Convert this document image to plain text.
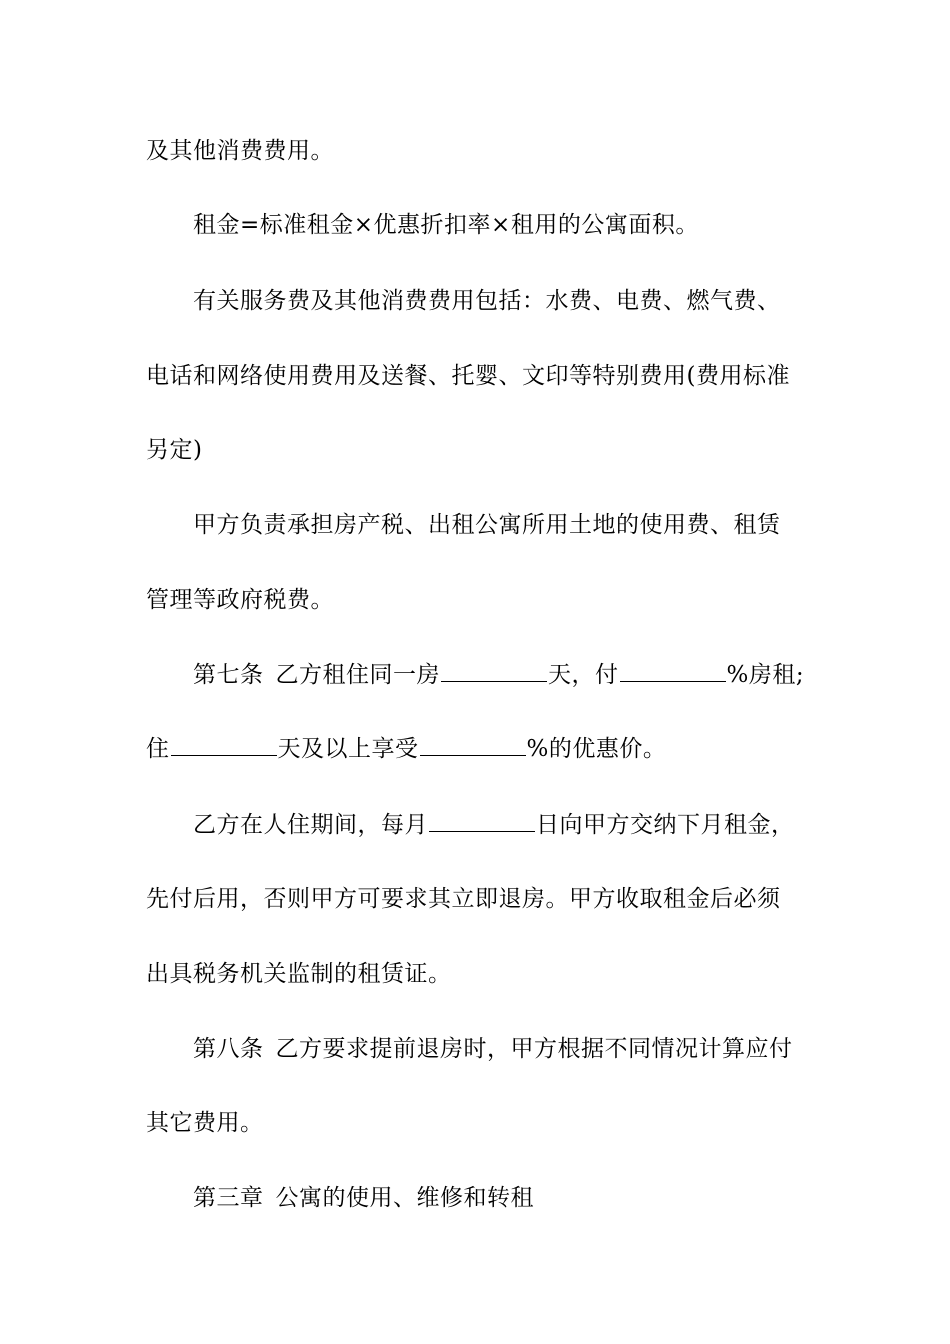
及其他消费费用。
租金=标准租金×优惠折扣率×租用的公寓面积。
有关服务费及其他消费费用包括：水费、电费、燃气费、
电话和网络使用费用及送餐、托婴、文印等特别费用(费用标准
另定)
甲方负责承担房产税、出租公寓所用土地的使用费、租赁
管理等政府税费。
第七条 乙方租住同一房	天，付	%房租;
住	天及以上享受	%的优惠价。
乙方在人住期间，每月	日向甲方交纳下月租金，
先付后用，否则甲方可要求其立即退房。甲方收取租金后必须
出具税务机关监制的租赁证。
第八条 乙方要求提前退房时，甲方根据不同情况计算应付
其它费用。
第三章 公寓的使用、维修和转租
